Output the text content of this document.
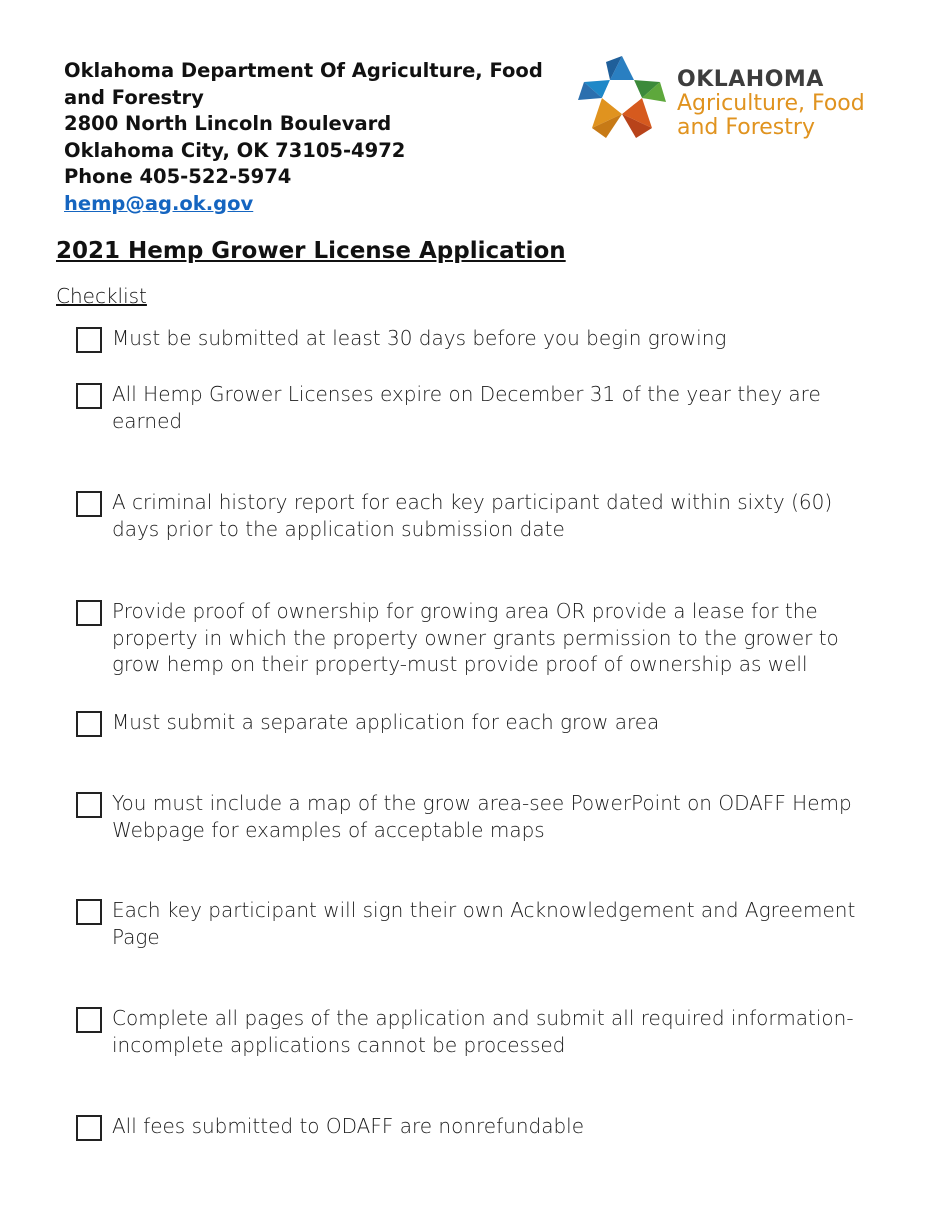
Oklahoma Department Of Agriculture, Food
and Forestry
2800 North Lincoln Boulevard
Oklahoma City, OK 73105-4972
Phone 405-522-5974
hemp@ag.ok.gov
OKLAHOMA
Agriculture, Food
and Forestry
2021 Hemp Grower License Application
Checklist
Must be submitted at least 30 days before you begin growing
All Hemp Grower Licenses expire on December 31 of the year they are earned
A criminal history report for each key participant dated within sixty (60) days prior to the application submission date
Provide proof of ownership for growing area OR provide a lease for the property in which the property owner grants permission to the grower to grow hemp on their property-must provide proof of ownership as well
Must submit a separate application for each grow area
You must include a map of the grow area-see PowerPoint on ODAFF Hemp Webpage for examples of acceptable maps
Each key participant will sign their own Acknowledgement and Agreement Page
Complete all pages of the application and submit all required information-incomplete applications cannot be processed
All fees submitted to ODAFF are nonrefundable
